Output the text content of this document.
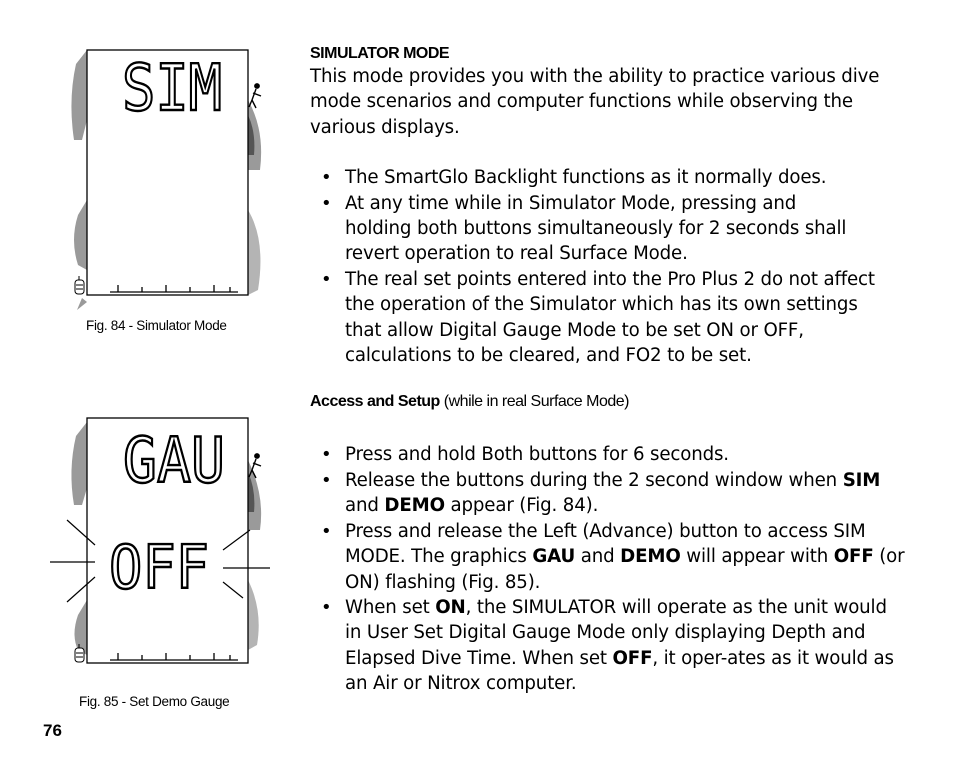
SIM
Fig. 84 - Simulator Mode
GAU
OFF
Fig. 85 - Set Demo Gauge
SIMULATOR MODE
This mode provides you with the ability to practice various dive mode scenarios and computer functions while observing the various displays.
• The SmartGlo Backlight functions as it normally does.
• At any time while in Simulator Mode, pressing and holding both buttons simultaneously for 2 seconds shall revert operation to real Surface Mode.
• The real set points entered into the Pro Plus 2 do not affect the operation of the Simulator which has its own settings that allow Digital Gauge Mode to be set ON or OFF, calculations to be cleared, and FO2 to be set.
Access and Setup (while in real Surface Mode)
• Press and hold Both buttons for 6 seconds.
• Release the buttons during the 2 second window when SIM and DEMO appear (Fig. 84).
• Press and release the Left (Advance) button to access SIM MODE. The graphics GAU and DEMO will appear with OFF (or ON) flashing (Fig. 85).
• When set ON, the SIMULATOR will operate as the unit would in User Set Digital Gauge Mode only displaying Depth and Elapsed Dive Time. When set OFF, it oper-ates as it would as an Air or Nitrox computer.
76
